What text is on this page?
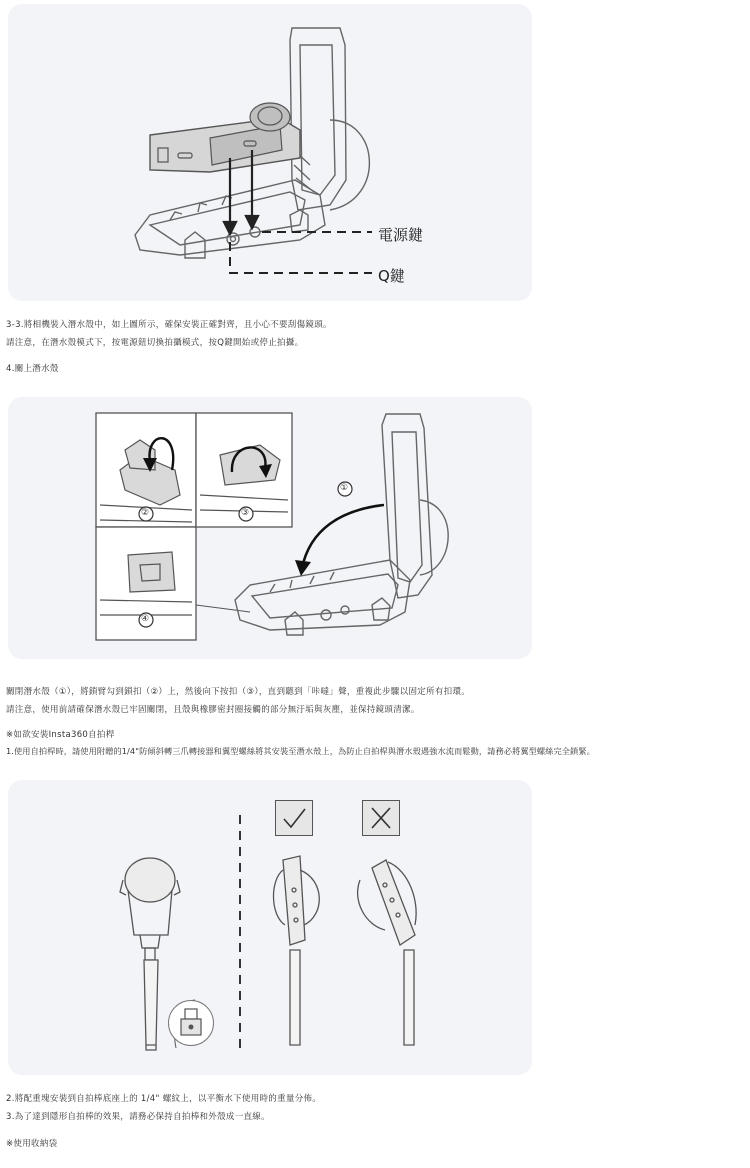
電源鍵
Q鍵
3-3.將相機裝入潛水殼中，如上圖所示，確保安裝正確對齊，且小心不要刮傷鏡頭。
請注意，在潛水殼模式下，按電源鈕切換拍攝模式，按Q鍵開始或停止拍攝。
4.關上潛水殼
②	③
④
①
關閉潛水殼（①），將鎖臂勾到鎖扣（②）上，然後向下按扣（③），直到聽到「咔噠」聲，重複此步驟以固定所有扣環。
請注意，使用前請確保潛水殼已牢固關閉，且殼與橡膠密封圈接觸的部分無汙垢與灰塵，並保持鏡頭清潔。
※如欲安裝Insta360自拍桿
1.使用自拍桿時，請使用附贈的1/4"防傾斜轉三爪轉接器和翼型螺絲將其安裝至潛水殼上，為防止自拍桿與潛水殼遇強水流而鬆動，請務必將翼型螺絲完全鎖緊。
2.將配重塊安裝到自拍棒底座上的 1/4" 螺紋上，以平衡水下使用時的重量分佈。
3.為了達到隱形自拍棒的效果，請務必保持自拍棒和外殼成一直線。
※使用收納袋
